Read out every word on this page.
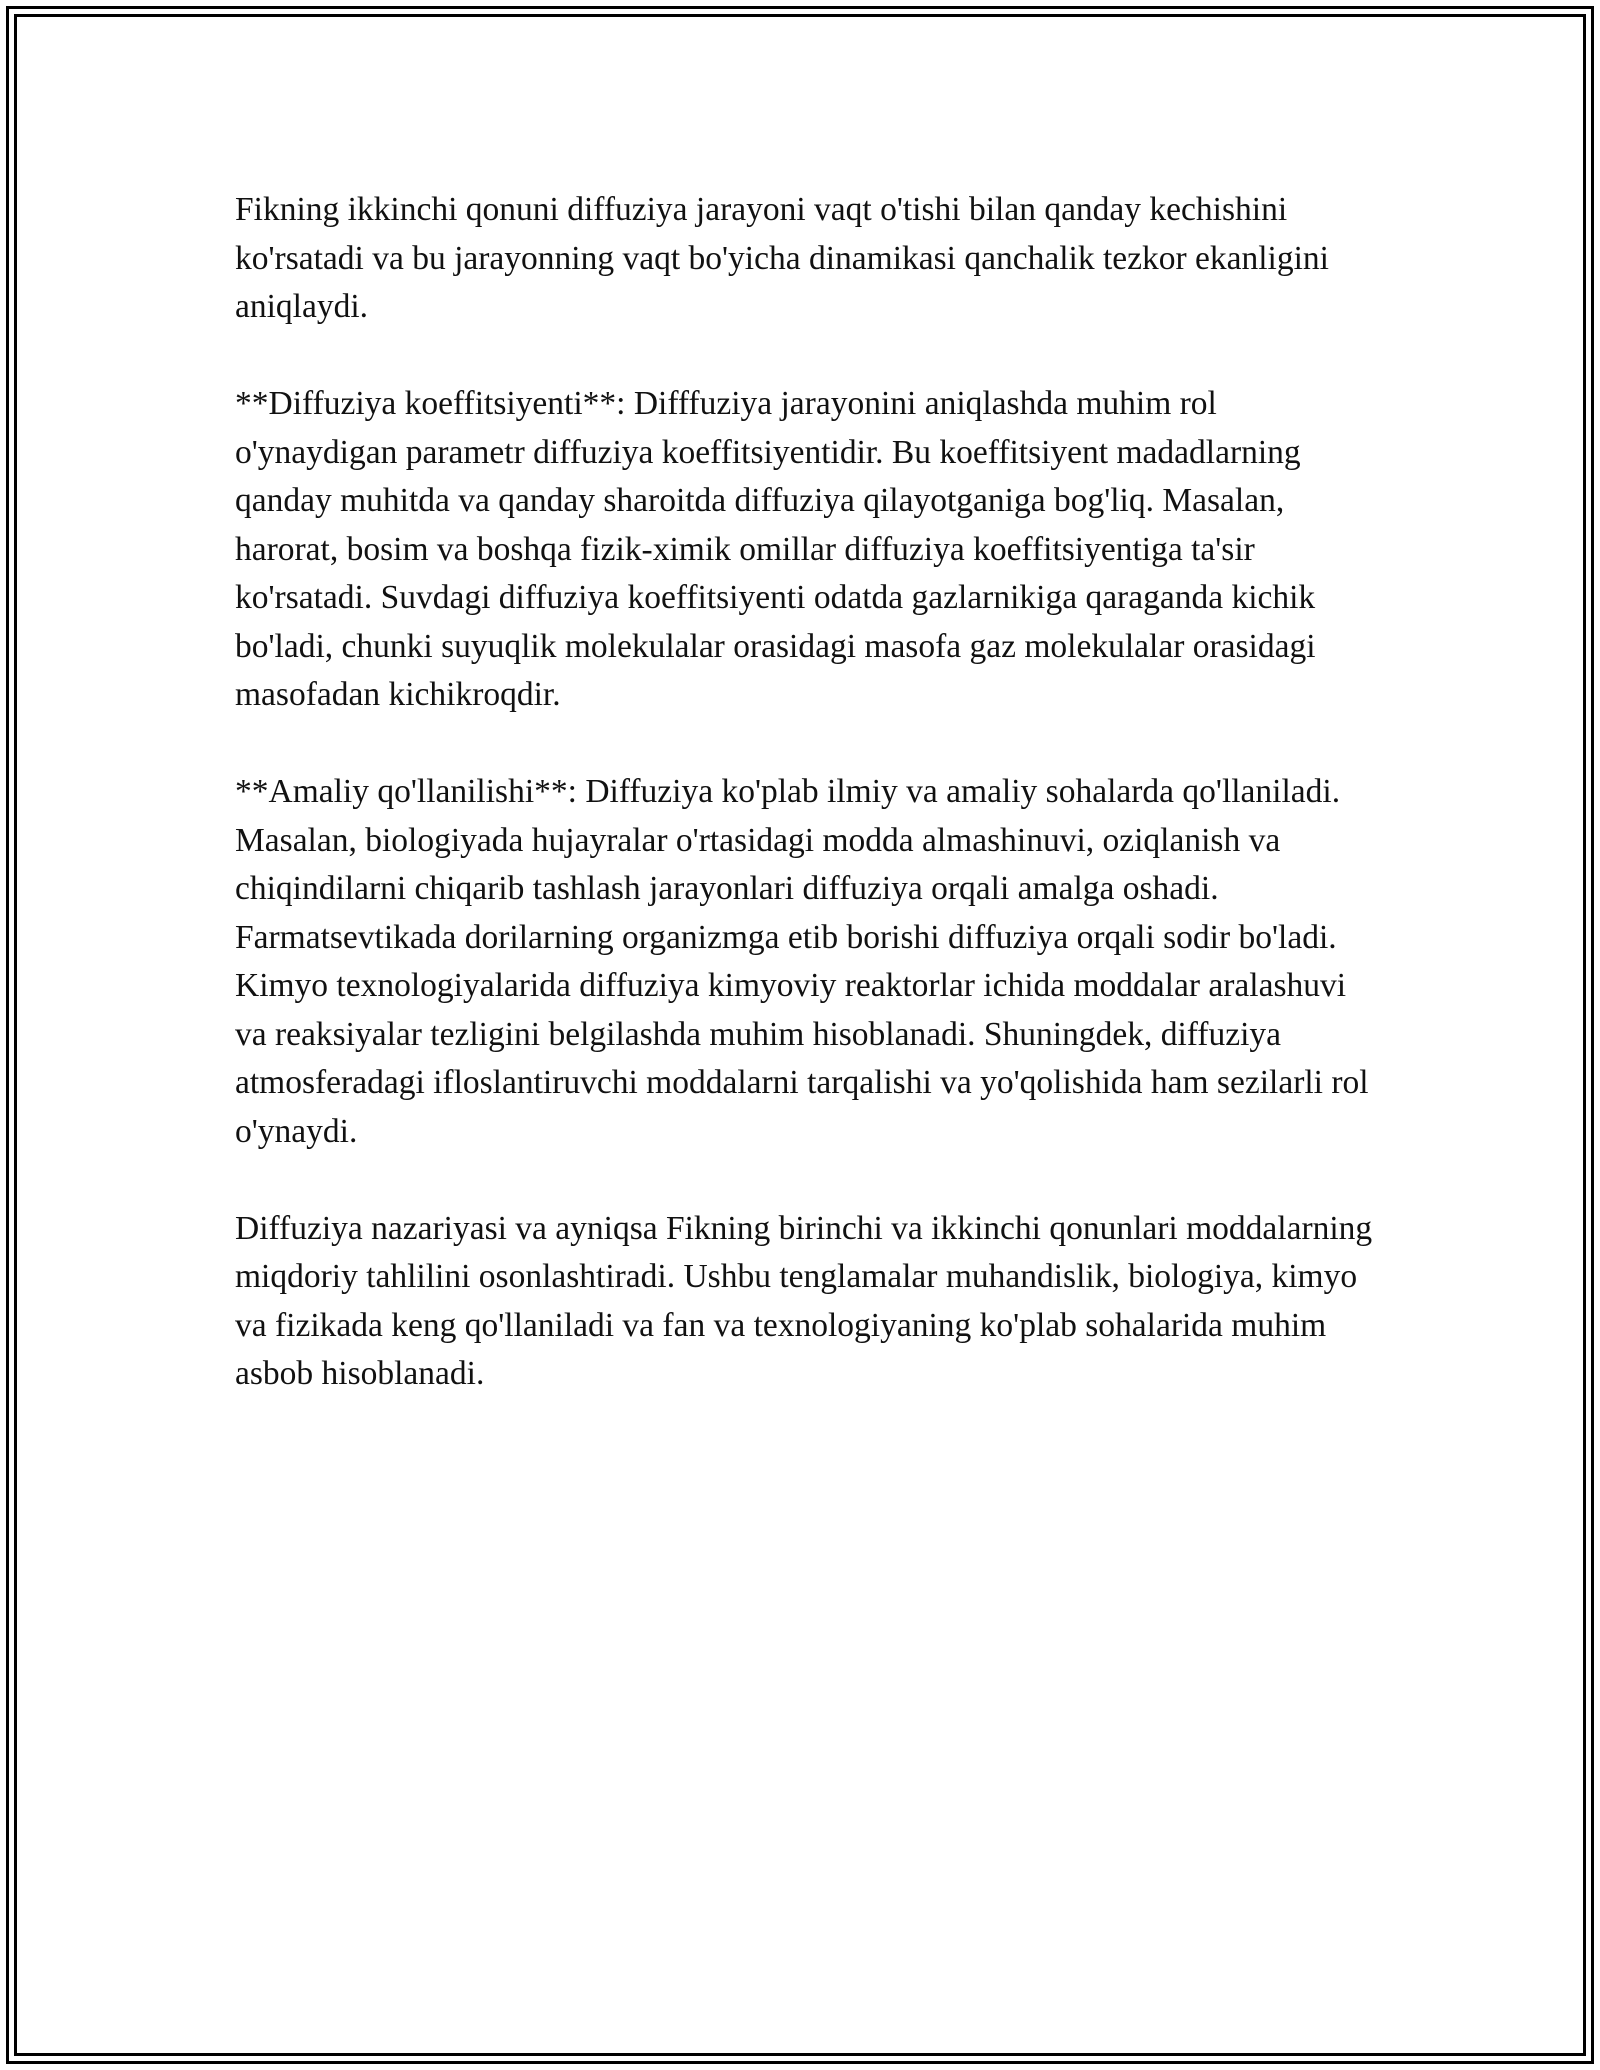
Fikning ikkinchi qonuni diffuziya jarayoni vaqt o'tishi bilan qanday kechishini ko'rsatadi va bu jarayonning vaqt bo'yicha dinamikasi qanchalik tezkor ekanligini aniqlaydi.

**Diffuziya koeffitsiyenti**: Difffuziya jarayonini aniqlashda muhim rol o'ynaydigan parametr diffuziya koeffitsiyentidir. Bu koeffitsiyent madadlarning qanday muhitda va qanday sharoitda diffuziya qilayotganiga bog'liq. Masalan, harorat, bosim va boshqa fizik-ximik omillar diffuziya koeffitsiyentiga ta'sir ko'rsatadi. Suvdagi diffuziya koeffitsiyenti odatda gazlarnikiga qaraganda kichik bo'ladi, chunki suyuqlik molekulalar orasidagi masofa gaz molekulalar orasidagi masofadan kichikroqdir.

**Amaliy qo'llanilishi**: Diffuziya ko'plab ilmiy va amaliy sohalarda qo'llaniladi. Masalan, biologiyada hujayralar o'rtasidagi modda almashinuvi, oziqlanish va chiqindilarni chiqarib tashlash jarayonlari diffuziya orqali amalga oshadi. Farmatsevtikada dorilarning organizmga etib borishi diffuziya orqali sodir bo'ladi. Kimyo texnologiyalarida diffuziya kimyoviy reaktorlar ichida moddalar aralashuvi va reaksiyalar tezligini belgilashda muhim hisoblanadi. Shuningdek, diffuziya atmosferadagi ifloslantiruvchi moddalarni tarqalishi va yo'qolishida ham sezilarli rol o'ynaydi.

Diffuziya nazariyasi va ayniqsa Fikning birinchi va ikkinchi qonunlari moddalarning miqdoriy tahlilini osonlashtiradi. Ushbu tenglamalar muhandislik, biologiya, kimyo va fizikada keng qo'llaniladi va fan va texnologiyaning ko'plab sohalarida muhim asbob hisoblanadi.
